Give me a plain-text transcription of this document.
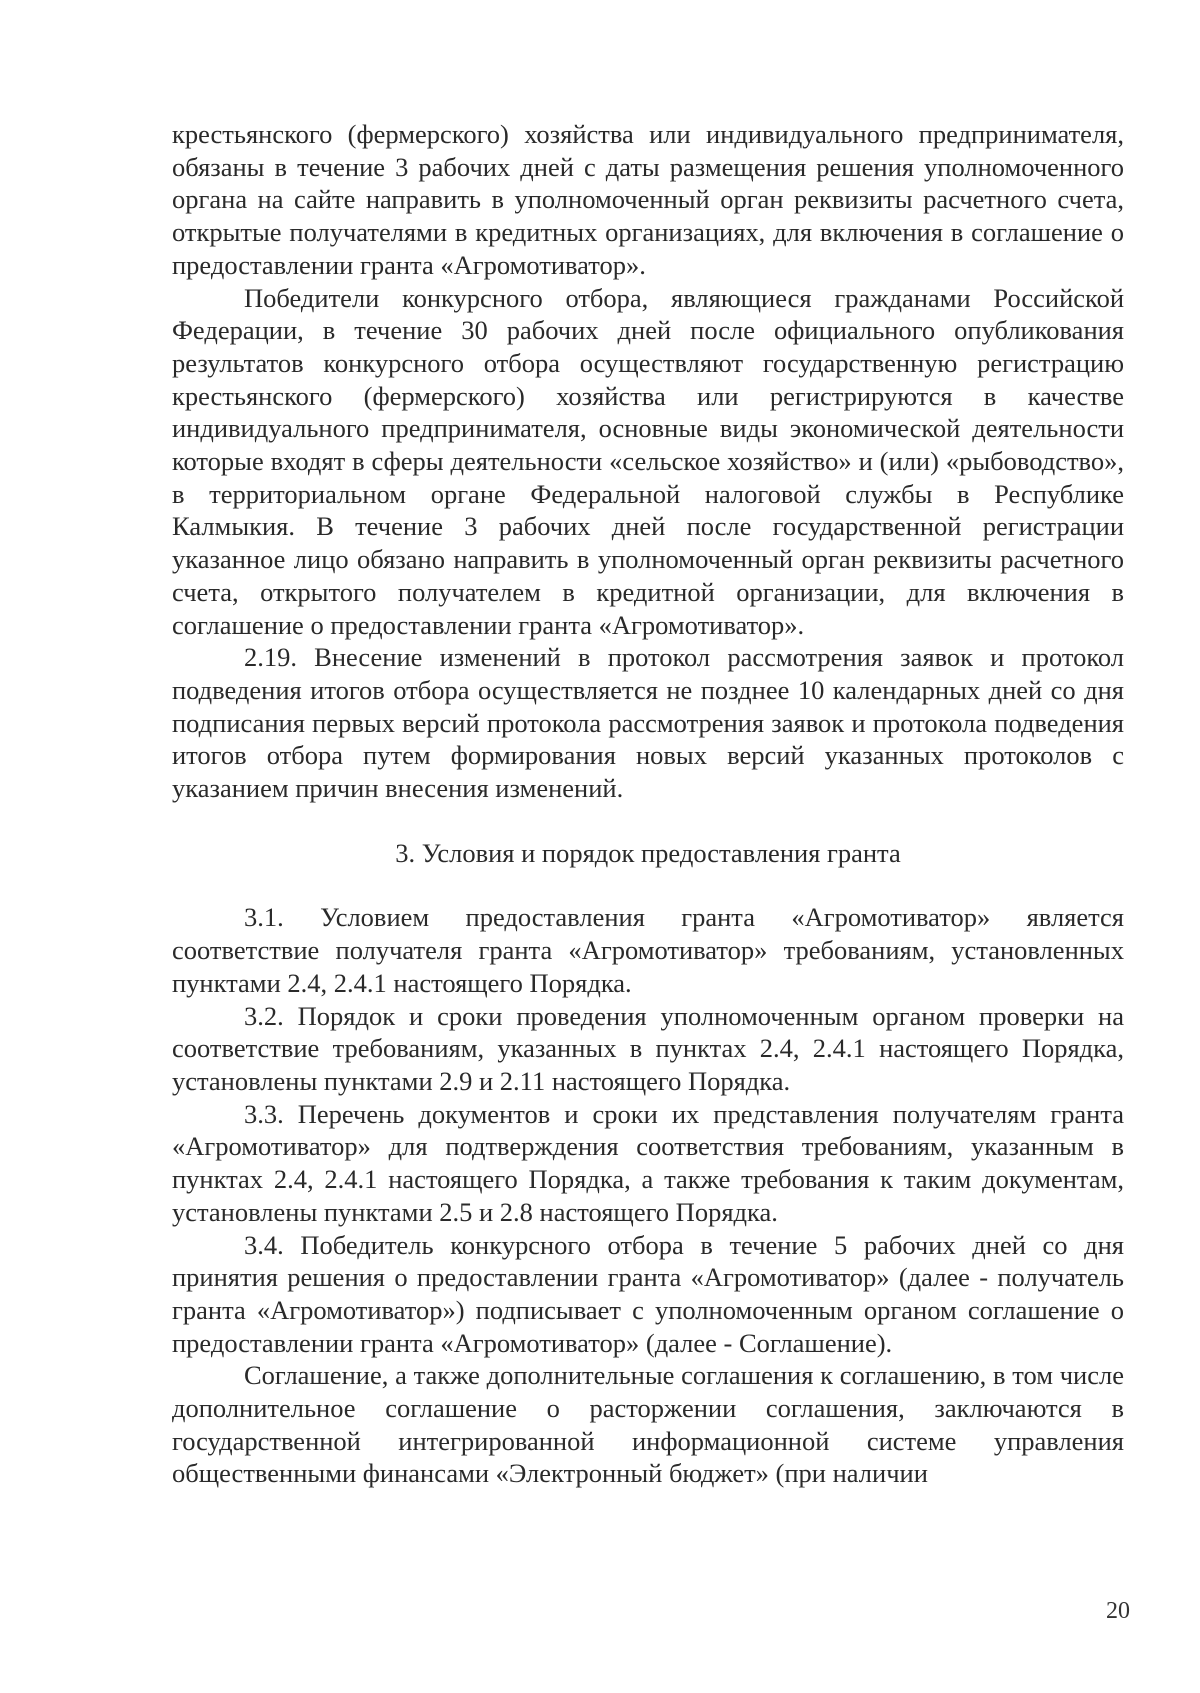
крестьянского (фермерского) хозяйства или индивидуального предпринимателя, обязаны в течение 3 рабочих дней с даты размещения решения уполномоченного органа на сайте направить в уполномоченный орган реквизиты расчетного счета, открытые получателями в кредитных организациях, для включения в соглашение о предоставлении гранта «Агромотиватор».

Победители конкурсного отбора, являющиеся гражданами Российской Федерации, в течение 30 рабочих дней после официального опубликования результатов конкурсного отбора осуществляют государственную регистрацию крестьянского (фермерского) хозяйства или регистрируются в качестве индивидуального предпринимателя, основные виды экономической деятельности которые входят в сферы деятельности «сельское хозяйство» и (или) «рыбоводство», в территориальном органе Федеральной налоговой службы в Республике Калмыкия. В течение 3 рабочих дней после государственной регистрации указанное лицо обязано направить в уполномоченный орган реквизиты расчетного счета, открытого получателем в кредитной организации, для включения в соглашение о предоставлении гранта «Агромотиватор».

2.19. Внесение изменений в протокол рассмотрения заявок и протокол подведения итогов отбора осуществляется не позднее 10 календарных дней со дня подписания первых версий протокола рассмотрения заявок и протокола подведения итогов отбора путем формирования новых версий указанных протоколов с указанием причин внесения изменений.

3. Условия и порядок предоставления гранта

3.1. Условием предоставления гранта «Агромотиватор» является соответствие получателя гранта «Агромотиватор» требованиям, установленных пунктами 2.4, 2.4.1 настоящего Порядка.

3.2. Порядок и сроки проведения уполномоченным органом проверки на соответствие требованиям, указанных в пунктах 2.4, 2.4.1 настоящего Порядка, установлены пунктами 2.9 и 2.11 настоящего Порядка.

3.3. Перечень документов и сроки их представления получателям гранта «Агромотиватор» для подтверждения соответствия требованиям, указанным в пунктах 2.4, 2.4.1 настоящего Порядка, а также требования к таким документам, установлены пунктами 2.5 и 2.8 настоящего Порядка.

3.4. Победитель конкурсного отбора в течение 5 рабочих дней со дня принятия решения о предоставлении гранта «Агромотиватор» (далее - получатель гранта «Агромотиватор») подписывает с уполномоченным органом соглашение о предоставлении гранта «Агромотиватор» (далее - Соглашение).

Соглашение, а также дополнительные соглашения к соглашению, в том числе дополнительное соглашение о расторжении соглашения, заключаются в государственной интегрированной информационной системе управления общественными финансами «Электронный бюджет» (при наличии

20
